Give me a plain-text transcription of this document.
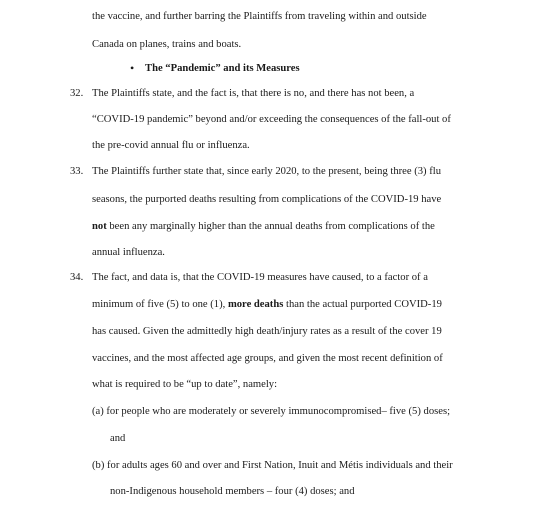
the vaccine, and further barring the Plaintiffs from traveling within and outside
Canada on planes, trains and boats.
• The “Pandemic” and its Measures
32. The Plaintiffs state, and the fact is, that there is no, and there has not been, a
“COVID-19 pandemic” beyond and/or exceeding the consequences of the fall-out of
the pre-covid annual flu or influenza.
33. The Plaintiffs further state that, since early 2020, to the present, being three (3) flu
seasons, the purported deaths resulting from complications of the COVID-19 have
not been any marginally higher than the annual deaths from complications of the
annual influenza.
34. The fact, and data is, that the COVID-19 measures have caused, to a factor of a
minimum of five (5) to one (1), more deaths than the actual purported COVID-19
has caused. Given the admittedly high death/injury rates as a result of the cover 19
vaccines, and the most affected age groups, and given the most recent definition of
what is required to be “up to date”, namely:
(a) for people who are moderately or severely immunocompromised– five (5) doses;
and
(b) for adults ages 60 and over and First Nation, Inuit and Métis individuals and their
non-Indigenous household members – four (4) doses; and
